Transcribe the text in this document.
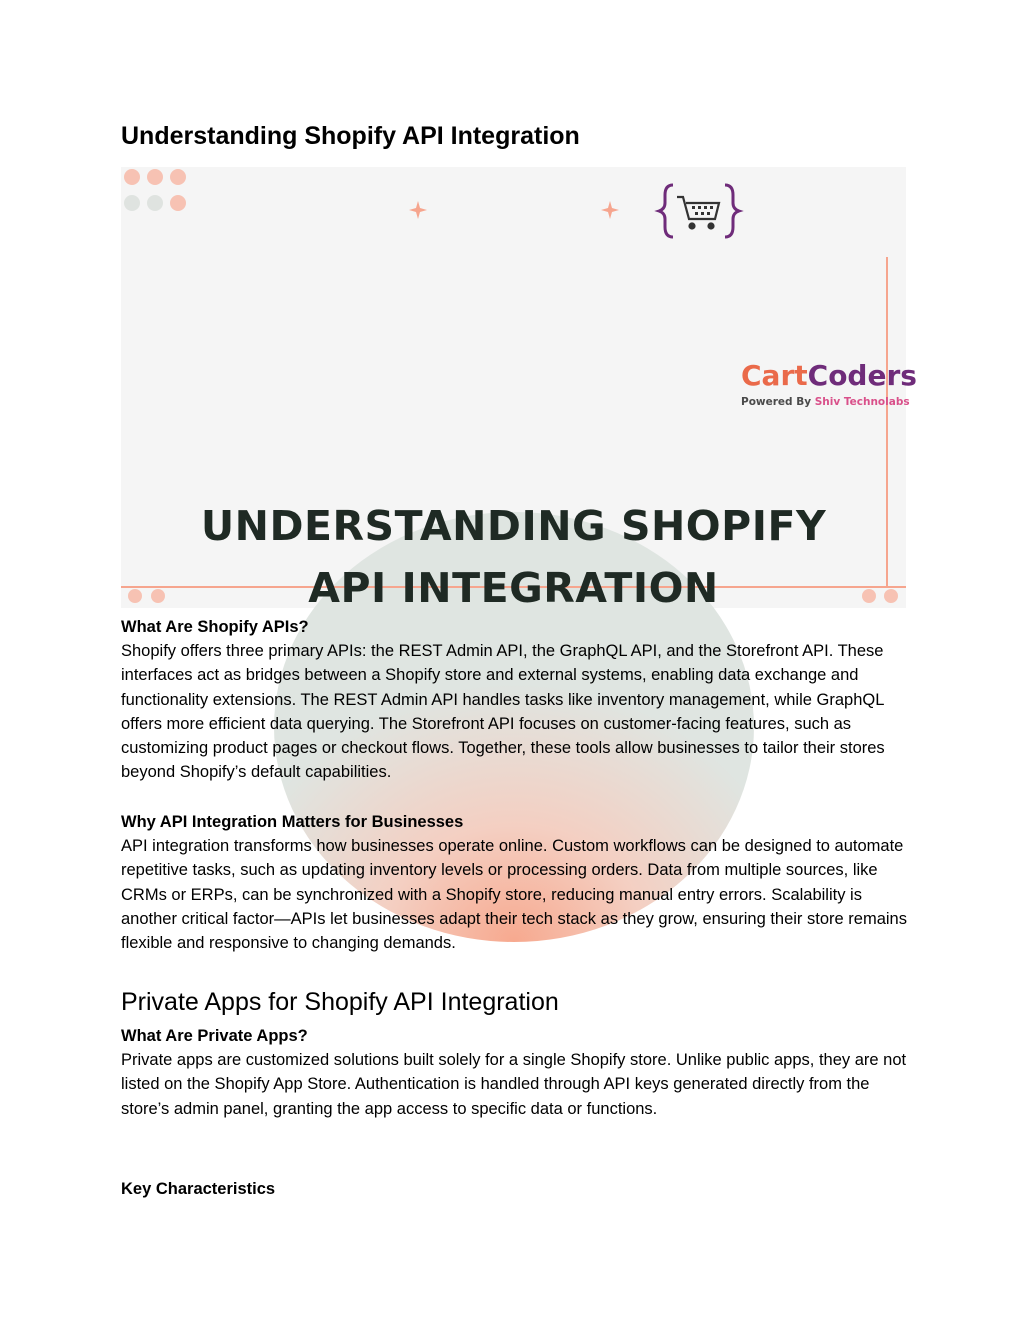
Understanding Shopify API Integration
CartCoders
Powered By Shiv Technolabs
UNDERSTANDING SHOPIFY
API INTEGRATION
What Are Shopify APIs?

Shopify offers three primary APIs: the REST Admin API, the GraphQL API, and the Storefront API. These interfaces act as bridges between a Shopify store and external systems, enabling data exchange and functionality extensions. The REST Admin API handles tasks like inventory management, while GraphQL offers more efficient data querying. The Storefront API focuses on customer-facing features, such as customizing product pages or checkout flows. Together, these tools allow businesses to tailor their stores beyond Shopify’s default capabilities.

Why API Integration Matters for Businesses

API integration transforms how businesses operate online. Custom workflows can be designed to automate repetitive tasks, such as updating inventory levels or processing orders. Data from multiple sources, like CRMs or ERPs, can be synchronized with a Shopify store, reducing manual entry errors. Scalability is another critical factor—APIs let businesses adapt their tech stack as they grow, ensuring their store remains flexible and responsive to changing demands.

Private Apps for Shopify API Integration
What Are Private Apps?

Private apps are customized solutions built solely for a single Shopify store. Unlike public apps, they are not listed on the Shopify App Store. Authentication is handled through API keys generated directly from the store’s admin panel, granting the app access to specific data or functions.

Key Characteristics
